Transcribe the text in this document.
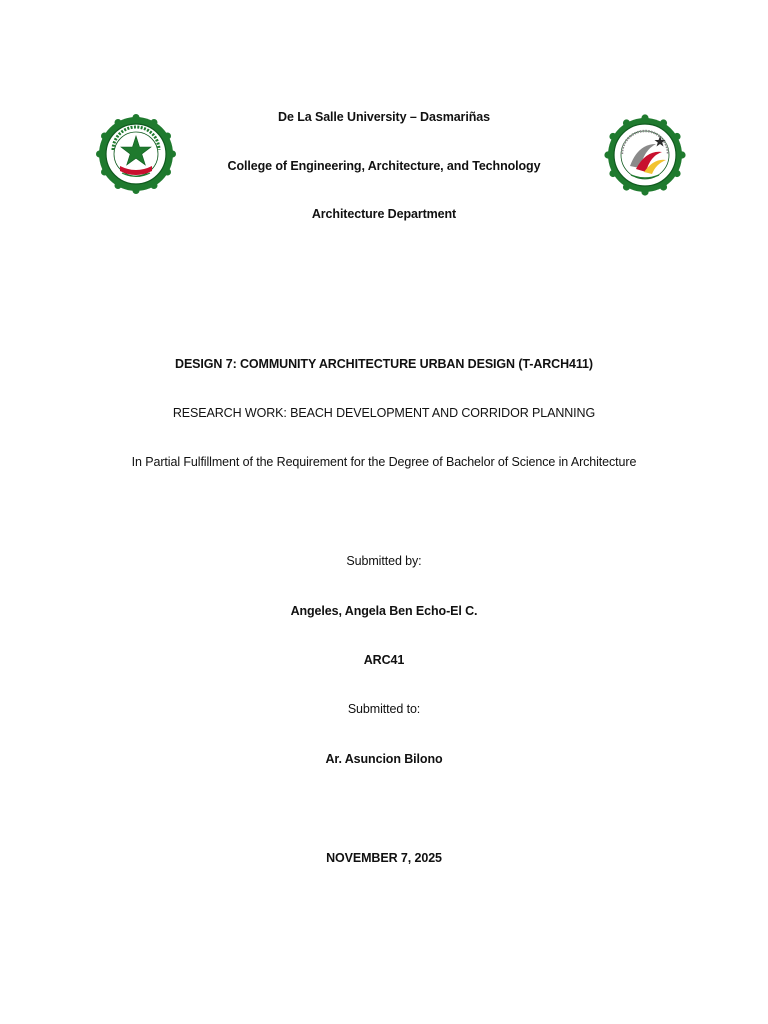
De La Salle University – Dasmariñas
College of Engineering, Architecture, and Technology
Architecture Department
DESIGN 7: COMMUNITY ARCHITECTURE URBAN DESIGN (T-ARCH411)
RESEARCH WORK: BEACH DEVELOPMENT AND CORRIDOR PLANNING
In Partial Fulfillment of the Requirement for the Degree of Bachelor of Science in Architecture
Submitted by:
Angeles, Angela Ben Echo-El C.
ARC41
Submitted to:
Ar. Asuncion Bilono
NOVEMBER 7, 2025
